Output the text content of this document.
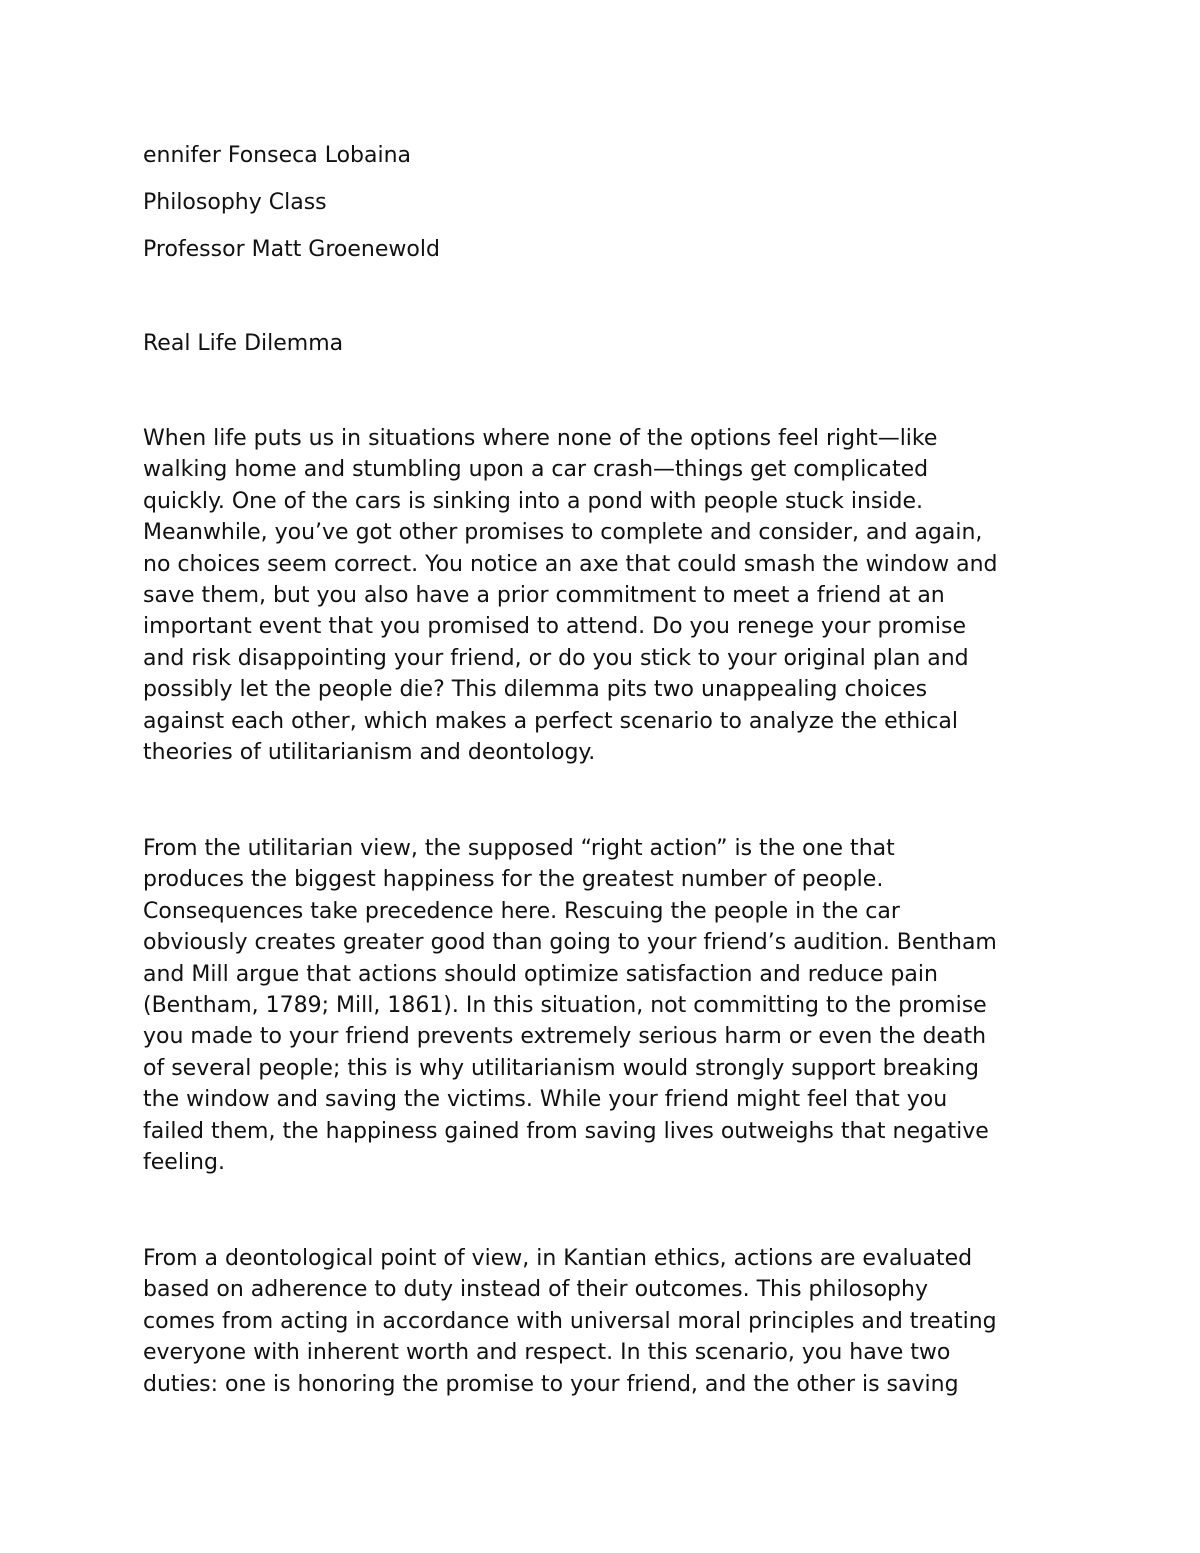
ennifer Fonseca Lobaina

Philosophy Class

Professor Matt Groenewold

Real Life Dilemma

When life puts us in situations where none of the options feel right—like
walking home and stumbling upon a car crash—things get complicated
quickly. One of the cars is sinking into a pond with people stuck inside.
Meanwhile, you’ve got other promises to complete and consider, and again,
no choices seem correct. You notice an axe that could smash the window and
save them, but you also have a prior commitment to meet a friend at an
important event that you promised to attend. Do you renege your promise
and risk disappointing your friend, or do you stick to your original plan and
possibly let the people die? This dilemma pits two unappealing choices
against each other, which makes a perfect scenario to analyze the ethical
theories of utilitarianism and deontology.
From the utilitarian view, the supposed “right action” is the one that
produces the biggest happiness for the greatest number of people.
Consequences take precedence here. Rescuing the people in the car
obviously creates greater good than going to your friend’s audition. Bentham
and Mill argue that actions should optimize satisfaction and reduce pain
(Bentham, 1789; Mill, 1861). In this situation, not committing to the promise
you made to your friend prevents extremely serious harm or even the death
of several people; this is why utilitarianism would strongly support breaking
the window and saving the victims. While your friend might feel that you
failed them, the happiness gained from saving lives outweighs that negative
feeling.
From a deontological point of view, in Kantian ethics, actions are evaluated
based on adherence to duty instead of their outcomes. This philosophy
comes from acting in accordance with universal moral principles and treating
everyone with inherent worth and respect. In this scenario, you have two
duties: one is honoring the promise to your friend, and the other is saving
